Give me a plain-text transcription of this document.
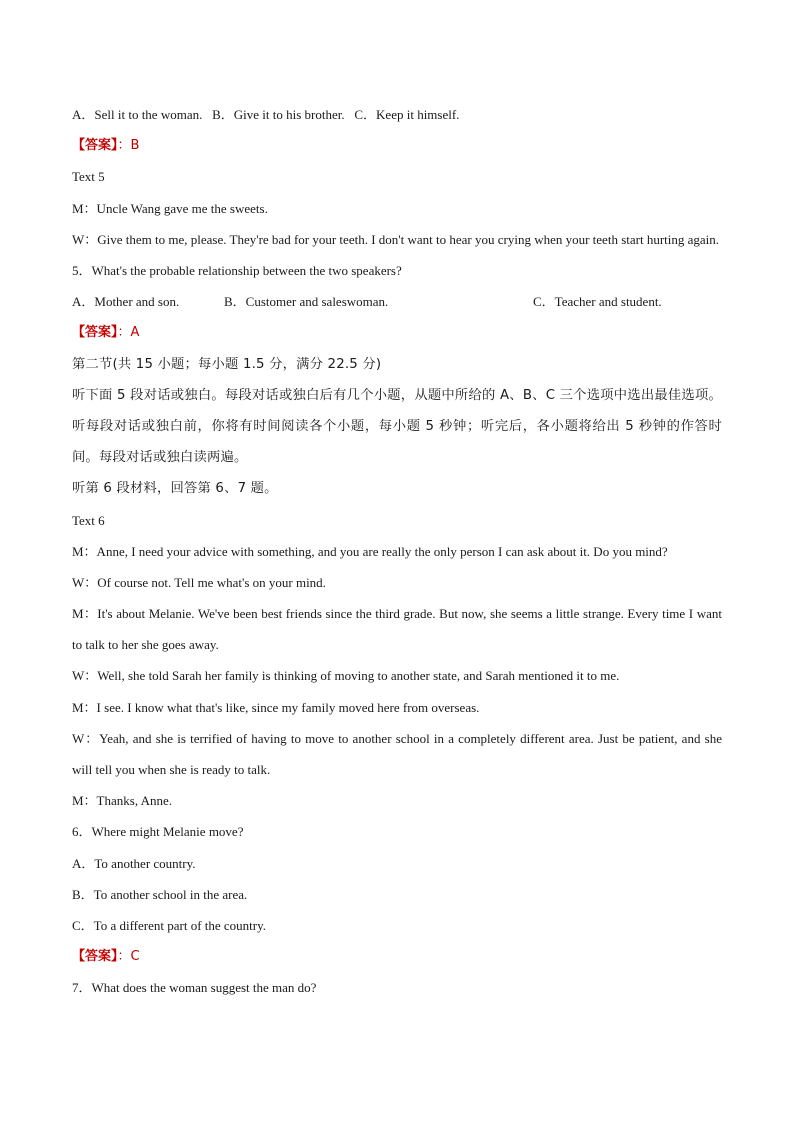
A．Sell it to the woman.   B．Give it to his brother.   C．Keep it himself.
【答案】：B
Text 5
M：Uncle Wang gave me the sweets.
W：Give them to me, please. They're bad for your teeth. I don't want to hear you crying when your teeth start hurting again.
5．What's the probable relationship between the two speakers?
A．Mother and son.	B．Customer and saleswoman.	C．Teacher and student.
【答案】：A
第二节(共 15 小题；每小题 1.5 分，满分 22.5 分)
听下面 5 段对话或独白。每段对话或独白后有几个小题，从题中所给的 A、B、C 三个选项中选出最佳选项。听每段对话或独白前，你将有时间阅读各个小题，每小题 5 秒钟；听完后，各小题将给出 5 秒钟的作答时间。每段对话或独白读两遍。
听第 6 段材料，回答第 6、7 题。
Text 6
M：Anne, I need your advice with something, and you are really the only person I can ask about it. Do you mind?
W：Of course not. Tell me what's on your mind.
M：It's about Melanie. We've been best friends since the third grade. But now, she seems a little strange. Every time I want to talk to her she goes away.
W：Well, she told Sarah her family is thinking of moving to another state, and Sarah mentioned it to me.
M：I see. I know what that's like, since my family moved here from overseas.
W：Yeah, and she is terrified of having to move to another school in a completely different area. Just be patient, and she will tell you when she is ready to talk.
M：Thanks, Anne.
6．Where might Melanie move?
A．To another country.
B．To another school in the area.
C．To a different part of the country.
【答案】：C
7．What does the woman suggest the man do?
